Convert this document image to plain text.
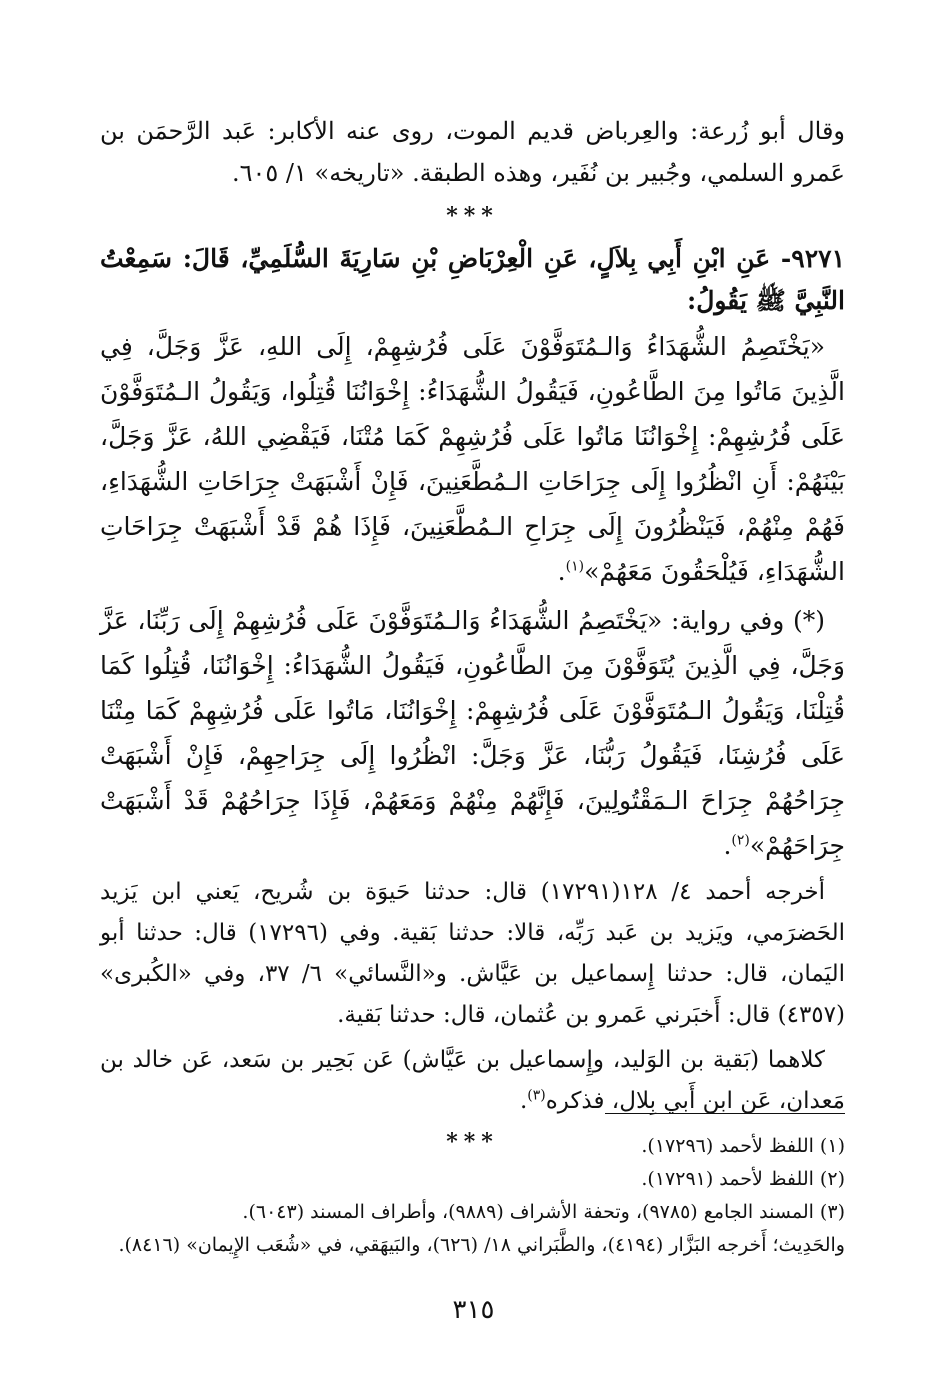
وقال أبو زُرعة: والعِرباض قديم الموت، روى عنه الأكابر: عَبد الرَّحمَن بن عَمرو السلمي، وجُبير بن نُفَير، وهذه الطبقة. «تاريخه» ١/ ٦٠٥.

***

٩٢٧١- عَنِ ابْنِ أَبِي بِلاَلٍ، عَنِ الْعِرْبَاضِ بْنِ سَارِيَةَ السُّلَمِيِّ، قَالَ: سَمِعْتُ النَّبِيَّ ﷺ يَقُولُ:

«يَخْتَصِمُ الشُّهَدَاءُ وَالـمُتَوَفَّوْنَ عَلَى فُرُشِهِمْ، إِلَى اللهِ، عَزَّ وَجَلَّ، فِي الَّذِينَ مَاتُوا مِنَ الطَّاعُونِ، فَيَقُولُ الشُّهَدَاءُ: إِخْوَانُنَا قُتِلُوا، وَيَقُولُ الـمُتَوَفَّوْنَ عَلَى فُرُشِهِمْ: إِخْوَانُنَا مَاتُوا عَلَى فُرُشِهِمْ كَمَا مُتْنَا، فَيَقْضِي اللهُ، عَزَّ وَجَلَّ، بَيْنَهُمْ: أَنِ انْظُرُوا إِلَى جِرَاحَاتِ الـمُطَّعَنِينَ، فَإِنْ أَشْبَهَتْ جِرَاحَاتِ الشُّهَدَاءِ، فَهُمْ مِنْهُمْ، فَيَنْظُرُونَ إِلَى جِرَاحِ الـمُطَّعَنِينَ، فَإِذَا هُمْ قَدْ أَشْبَهَتْ جِرَاحَاتِ الشُّهَدَاءِ، فَيُلْحَقُونَ مَعَهُمْ»$^{(١)}$.

(*) وفي رواية: «يَخْتَصِمُ الشُّهَدَاءُ وَالـمُتَوَفَّوْنَ عَلَى فُرُشِهِمْ إِلَى رَبِّنَا، عَزَّ وَجَلَّ، فِي الَّذِينَ يُتَوَفَّوْنَ مِنَ الطَّاعُونِ، فَيَقُولُ الشُّهَدَاءُ: إِخْوَانُنَا، قُتِلُوا كَمَا قُتِلْنَا، وَيَقُولُ الـمُتَوَفَّوْنَ عَلَى فُرُشِهِمْ: إِخْوَانُنَا، مَاتُوا عَلَى فُرُشِهِمْ كَمَا مِتْنَا عَلَى فُرُشِنَا، فَيَقُولُ رَبُّنَا، عَزَّ وَجَلَّ: انْظُرُوا إِلَى جِرَاحِهِمْ، فَإِنْ أَشْبَهَتْ جِرَاحُهُمْ جِرَاحَ الـمَقْتُولِينَ، فَإِنَّهُمْ مِنْهُمْ وَمَعَهُمْ، فَإِذَا جِرَاحُهُمْ قَدْ أَشْبَهَتْ جِرَاحَهُمْ»$^{(٢)}$.

أخرجه أحمد ٤/ ١٢٨(١٧٢٩١) قال: حدثنا حَيوَة بن شُريح، يَعني ابن يَزيد الحَضرَمي، ويَزيد بن عَبد رَبِّه، قالا: حدثنا بَقية. وفي (١٧٢٩٦) قال: حدثنا أبو اليَمان، قال: حدثنا إِسماعيل بن عَيَّاش. و«النَّسائي» ٦/ ٣٧، وفي «الكُبرى» (٤٣٥٧) قال: أَخبَرني عَمرو بن عُثمان، قال: حدثنا بَقية.

كلاهما (بَقية بن الوَليد، وإِسماعيل بن عَيَّاش) عَن بَحِير بن سَعد، عَن خالد بن مَعدان، عَن ابن أَبي بِلال، فذكره$^{(٣)}$.

***	(١) اللفظ لأحمد (١٧٢٩٦).
(٢) اللفظ لأحمد (١٧٢٩١).
(٣) المسند الجامع (٩٧٨٥)، وتحفة الأشراف (٩٨٨٩)، وأطراف المسند (٦٠٤٣).
والحَدِيث؛ أَخرجه البَزَّار (٤١٩٤)، والطَّبَراني ١٨/ (٦٢٦)، والبَيهَقي، في «شُعَب الإِيمان» (٨٤١٦).
٣١٥
